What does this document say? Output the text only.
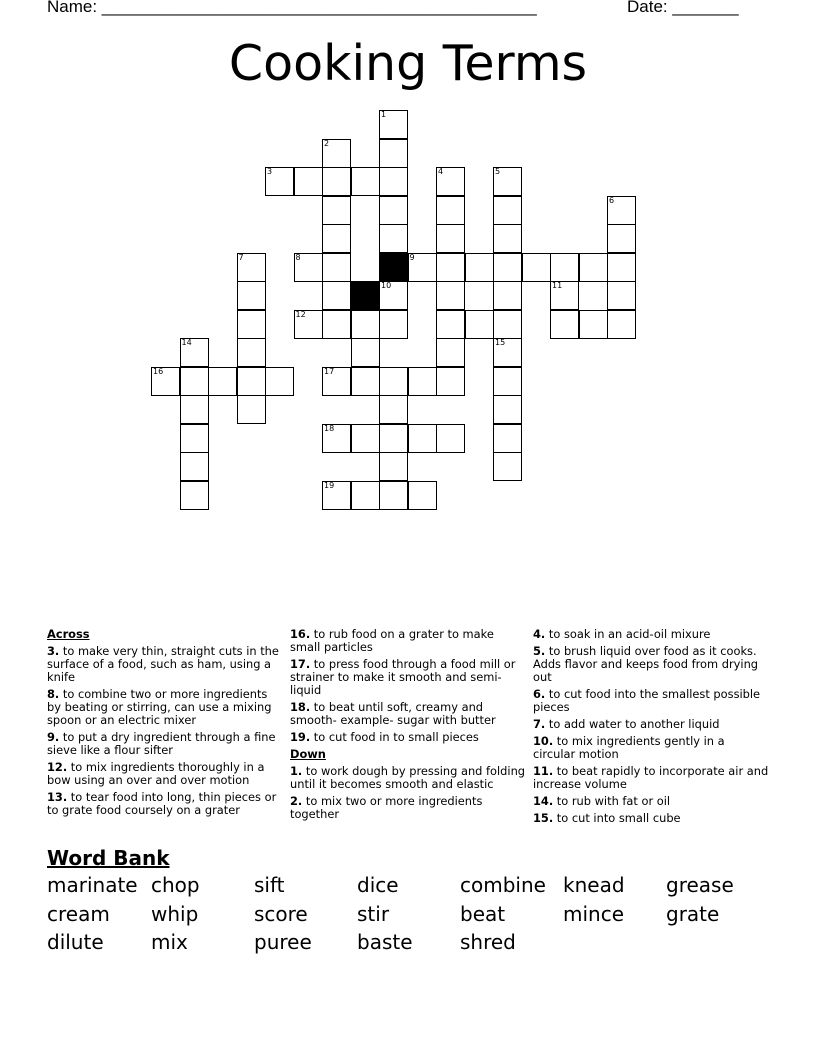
Name: ______________________________________________	Date: _______
Cooking Terms
1
10
2
3	4	5
6
7	8	9
11
14
16	17
15
18
19
12
Across
3. to make very thin, straight cuts in the surface of a food, such as ham, using a knife
8. to combine two or more ingredients by beating or stirring, can use a mixing spoon or an electric mixer
9. to put a dry ingredient through a fine sieve like a flour sifter
12. to mix ingredients thoroughly in a bow using an over and over motion
13. to tear food into long, thin pieces or to grate food coursely on a grater
16. to rub food on a grater to make small particles
17. to press food through a food mill or strainer to make it smooth and semi-liquid
18. to beat until soft, creamy and smooth- example- sugar with butter
19. to cut food in to small pieces
Down
1. to work dough by pressing and folding until it becomes smooth and elastic
2. to mix two or more ingredients together
4. to soak in an acid-oil mixure
5. to brush liquid over food as it cooks. Adds flavor and keeps food from drying out
6. to cut food into the smallest possible pieces
7. to add water to another liquid
10. to mix ingredients gently in a circular motion
11. to beat rapidly to incorporate air and increase volume
14. to rub with fat or oil
15. to cut into small cube
Word Bank
marinate chop	sift	dice	combine knead grease
cream whip	score stir	beat	mince grate
dilute mix	puree baste shred
